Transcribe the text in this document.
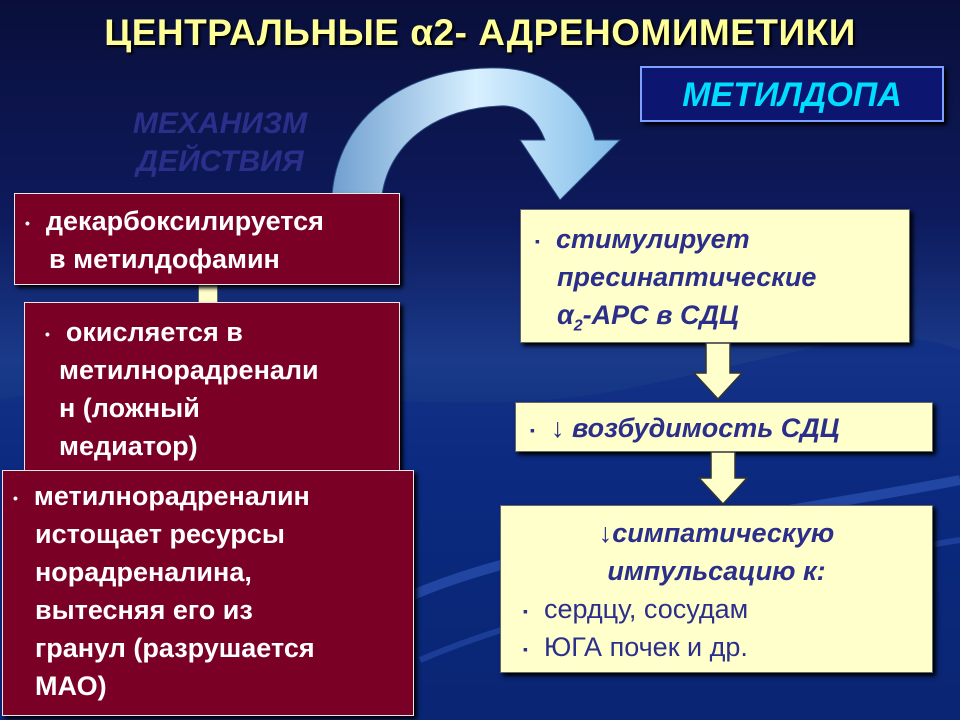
ЦЕНТРАЛЬНЫЕ α2- АДРЕНОМИМЕТИКИ
МЕХАНИЗМ
ДЕЙСТВИЯ
МЕТИЛДОПА
• декарбоксилируется
в метилдофамин
• окисляется в
метилнорадренали
н (ложный
медиатор)
• метилнорадреналин
истощает ресурсы
норадреналина,
вытесняя его из
гранул (разрушается
МАО)
▪ стимулирует
пресинаптические
$\alpha_2$-АРС в СДЦ
▪ ↓ возбудимость СДЦ
↓симпатическую
импульсацию к:
▪ сердцу, сосудам
▪ ЮГА почек и др.
